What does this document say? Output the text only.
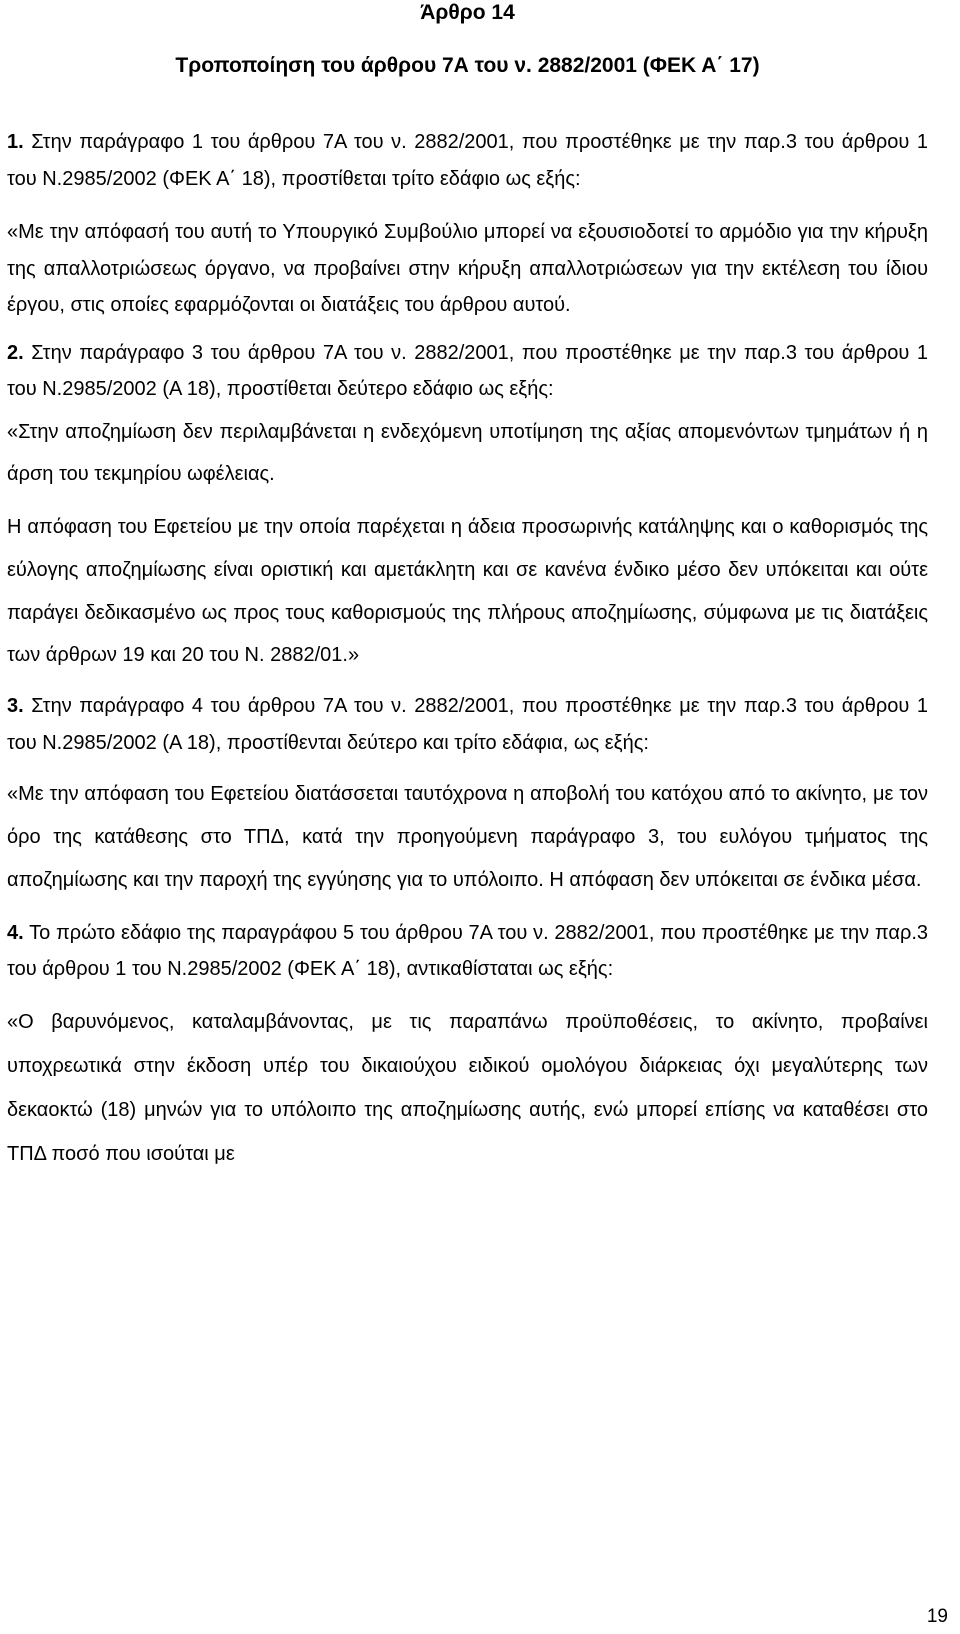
Άρθρο 14
Τροποποίηση του άρθρου 7Α του ν. 2882/2001 (ΦΕΚ Α΄ 17)

1. Στην παράγραφο 1 του άρθρου 7Α του ν. 2882/2001, που προστέθηκε με την παρ.3 του άρθρου 1 του Ν.2985/2002 (ΦΕΚ Α΄ 18), προστίθεται τρίτο εδάφιο ως εξής:

«Με την απόφασή του αυτή το Υπουργικό Συμβούλιο μπορεί να εξουσιοδοτεί το αρμόδιο για την κήρυξη της απαλλοτριώσεως όργανο, να προβαίνει στην κήρυξη απαλλοτριώσεων για την εκτέλεση του ίδιου έργου, στις οποίες εφαρμόζονται οι διατάξεις του άρθρου αυτού.

2. Στην παράγραφο 3 του άρθρου 7Α του ν. 2882/2001, που προστέθηκε με την παρ.3 του άρθρου 1 του Ν.2985/2002 (Α 18), προστίθεται δεύτερο εδάφιο ως εξής:

«Στην αποζημίωση δεν περιλαμβάνεται η ενδεχόμενη υποτίμηση της αξίας απομενόντων τμημάτων ή η άρση του τεκμηρίου ωφέλειας.

Η απόφαση του Εφετείου με την οποία παρέχεται η άδεια προσωρινής κατάληψης και ο καθορισμός της εύλογης αποζημίωσης είναι οριστική και αμετάκλητη και σε κανένα ένδικο μέσο δεν υπόκειται και ούτε παράγει δεδικασμένο ως προς τους καθορισμούς της πλήρους αποζημίωσης, σύμφωνα με τις διατάξεις των άρθρων 19 και 20 του Ν. 2882/01.»

3. Στην παράγραφο 4 του άρθρου 7Α του ν. 2882/2001, που προστέθηκε με την παρ.3 του άρθρου 1 του Ν.2985/2002 (Α 18), προστίθενται δεύτερο και τρίτο εδάφια, ως εξής:

«Με την απόφαση του Εφετείου διατάσσεται ταυτόχρονα η αποβολή του κατόχου από το ακίνητο, με τον όρο της κατάθεσης στο ΤΠΔ, κατά την προηγούμενη παράγραφο 3, του ευλόγου τμήματος της αποζημίωσης και την παροχή της εγγύησης για το υπόλοιπο. Η απόφαση δεν υπόκειται σε ένδικα μέσα.

4. Το πρώτο εδάφιο της παραγράφου 5 του άρθρου 7Α του ν. 2882/2001, που προστέθηκε με την παρ.3 του άρθρου 1 του Ν.2985/2002 (ΦΕΚ Α΄ 18), αντικαθίσταται ως εξής:

«Ο βαρυνόμενος, καταλαμβάνοντας, με τις παραπάνω προϋποθέσεις, το ακίνητο, προβαίνει υποχρεωτικά στην έκδοση υπέρ του δικαιούχου ειδικού ομολόγου διάρκειας όχι μεγαλύτερης των δεκαοκτώ (18) μηνών για το υπόλοιπο της αποζημίωσης αυτής, ενώ μπορεί επίσης να καταθέσει στο ΤΠΔ ποσό που ισούται με

19
